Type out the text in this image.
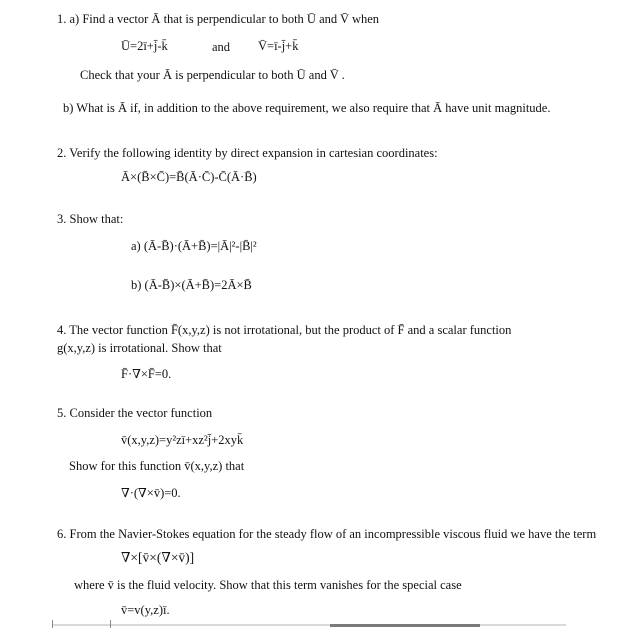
1. a) Find a vector Ā that is perpendicular to both Ū and V̄ when
Ū=2ī+j̄-k̄	and V̄=ī-j̄+k̄
Check that your Ā is perpendicular to both Ū and V̄ .
b) What is Ā if, in addition to the above requirement, we also require that Ā have unit magnitude.
2. Verify the following identity by direct expansion in cartesian coordinates:
Ā×(B̄×C̄)=B̄(Ā·C̄)-C̄(Ā·B̄)
3. Show that:
a) (Ā-B̄)·(Ā+B̄)=|Ā|²-|B̄|²
b) (Ā-B̄)×(Ā+B̄)=2Ā×B̄
4. The vector function F̄(x,y,z) is not irrotational, but the product of F̄ and a scalar function
g(x,y,z) is irrotational. Show that
F̄·∇×F̄=0.
5. Consider the vector function
v̄(x,y,z)=y²zī+xz²j̄+2xyk̄
Show for this function v̄(x,y,z) that
∇·(∇×v̄)=0.
6. From the Navier-Stokes equation for the steady flow of an incompressible viscous fluid we have the term
∇×[v̄×(∇×v̄)]
where v̄ is the fluid velocity. Show that this term vanishes for the special case
v̄=v(y,z)ī.
